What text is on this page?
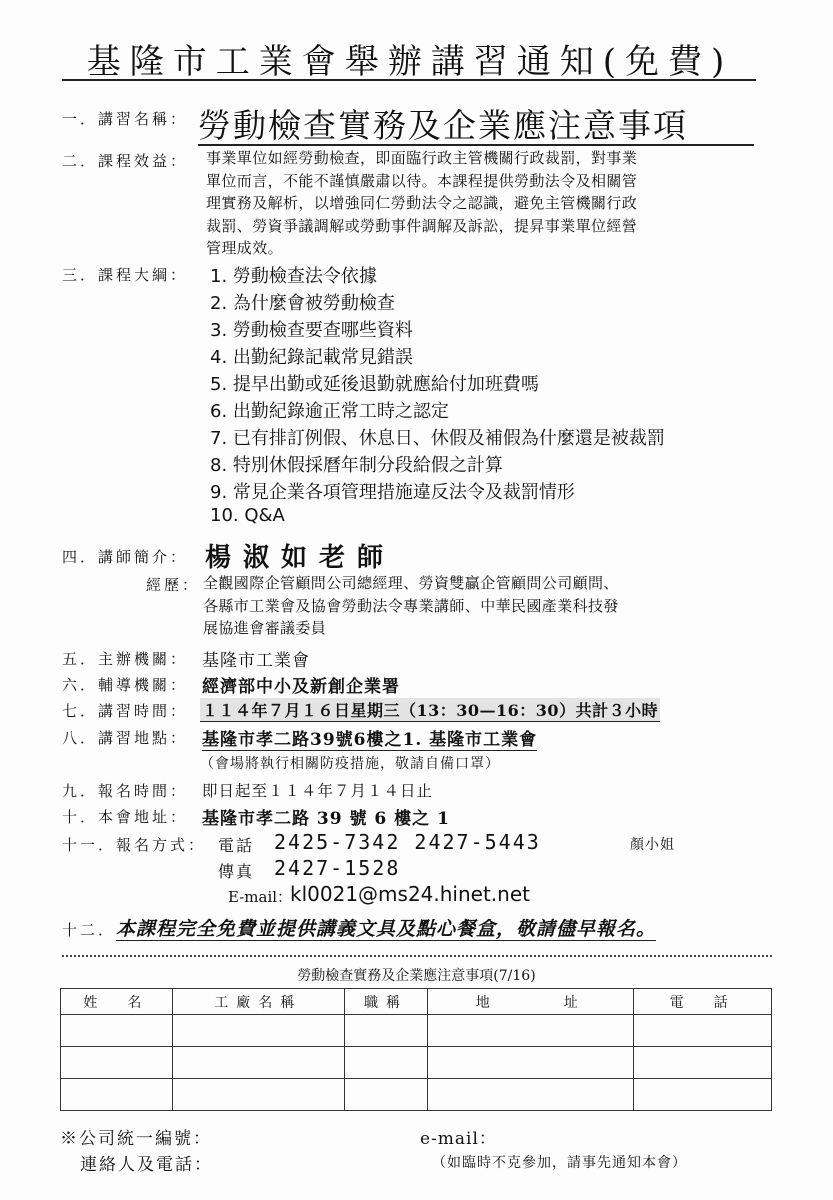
基隆市工業會舉辦講習通知(免費)
一．講習名稱： 勞動檢查實務及企業應注意事項
二．課程效益： 事業單位如經勞動檢查，即面臨行政主管機關行政裁罰，對事業
單位而言，不能不謹慎嚴肅以待。本課程提供勞動法令及相關管
理實務及解析，以增強同仁勞動法令之認識，避免主管機關行政
裁罰、勞資爭議調解或勞動事件調解及訴訟，提昇事業單位經營
管理成效。
三．課程大綱： 1. 勞動檢查法令依據
2. 為什麼會被勞動檢查
3. 勞動檢查要查哪些資料
4. 出勤紀錄記載常見錯誤
5. 提早出勤或延後退勤就應給付加班費嗎
6. 出勤紀錄逾正常工時之認定
7. 已有排訂例假、休息日、休假及補假為什麼還是被裁罰
8. 特別休假採曆年制分段給假之計算
9. 常見企業各項管理措施違反法令及裁罰情形
10. Q&A
四．講師簡介： 楊淑如老師
經歷： 全觀國際企管顧問公司總經理、勞資雙贏企管顧問公司顧問、
各縣市工業會及協會勞動法令專業講師、中華民國產業科技發
展協進會審議委員
五．主辦機關： 基隆市工業會
六．輔導機關： 經濟部中小及新創企業署
七．講習時間： １１４年７月１６日星期三（13：30—16：30）共計３小時
八．講習地點： 基隆市孝二路39號6樓之1. 基隆市工業會
（會場將執行相關防疫措施，敬請自備口罩）
九．報名時間： 即日起至１１４年７月１４日止
十．本會地址： 基隆市孝二路 39 號 6 樓之 1
十一．報名方式： 電話 2425-7342 2427-5443	顏小姐
傳真 2427-1528
E-mail：
kl0021@ms24.hinet.net
十二．本課程完全免費並提供講義文具及點心餐盒，敬請儘早報名。
勞動檢查實務及企業應注意事項(7/16)
姓　名	工廠名稱	職稱	地　　　址	電　話

※公司統一編號：	e-mail：
連絡人及電話：	（如臨時不克參加，請事先通知本會）
